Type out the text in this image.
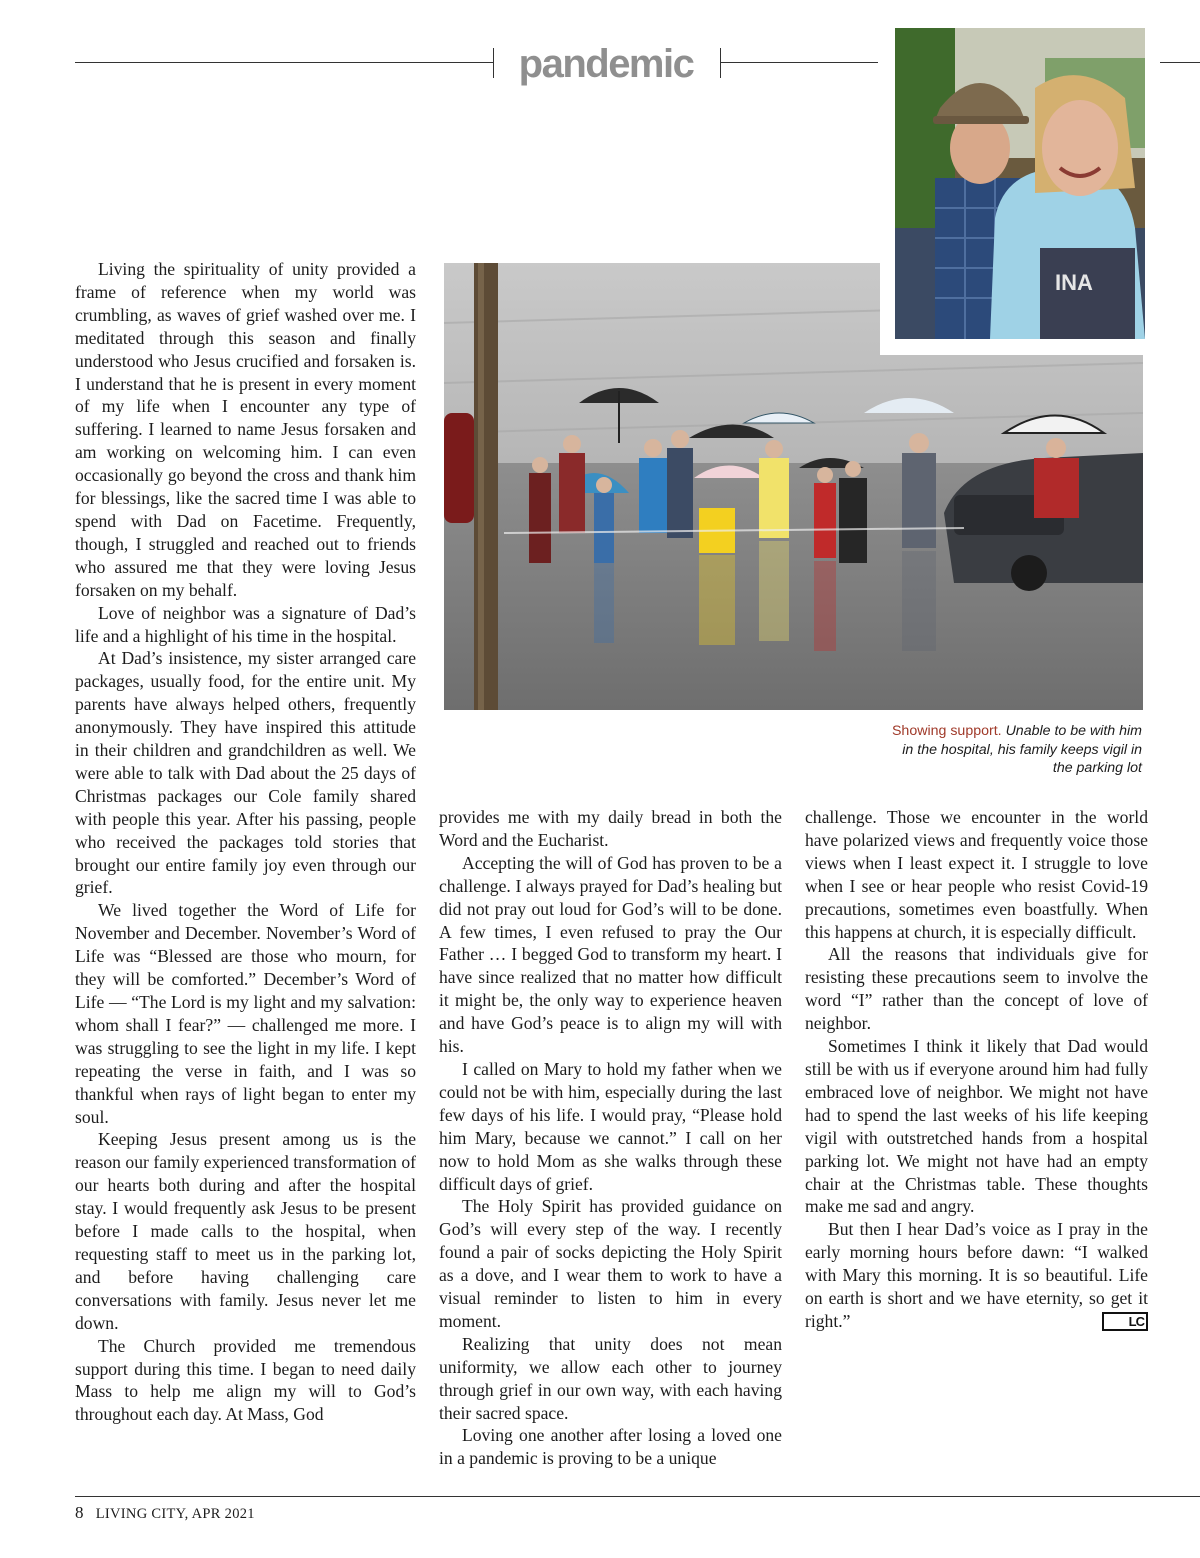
pandemic
INA
Showing support. Unable to be with him in the hospital, his family keeps vigil in the parking lot

Living the spirituality of unity provided a frame of reference when my world was crumbling, as waves of grief washed over me. I meditated through this season and finally understood who Jesus crucified and forsaken is. I understand that he is present in every moment of my life when I encounter any type of suffering. I learned to name Jesus forsaken and am working on welcoming him. I can even occasionally go beyond the cross and thank him for blessings, like the sacred time I was able to spend with Dad on Facetime. Frequently, though, I struggled and reached out to friends who assured me that they were loving Jesus forsaken on my behalf.

Love of neighbor was a signature of Dad’s life and a highlight of his time in the hospital.

At Dad’s insistence, my sister arranged care packages, usually food, for the entire unit. My parents have always helped others, frequently anonymously. They have inspired this attitude in their children and grandchildren as well. We were able to talk with Dad about the 25 days of Christmas packages our Cole family shared with people this year. After his passing, people who received the packages told stories that brought our entire family joy even through our grief.

We lived together the Word of Life for November and December. November’s Word of Life was “Blessed are those who mourn, for they will be comforted.” December’s Word of Life — “The Lord is my light and my salvation: whom shall I fear?” — challenged me more. I was struggling to see the light in my life. I kept repeating the verse in faith, and I was so thankful when rays of light began to enter my soul.

Keeping Jesus present among us is the reason our family experienced transformation of our hearts both during and after the hospital stay. I would frequently ask Jesus to be present before I made calls to the hospital, when requesting staff to meet us in the parking lot, and before having challenging care conversations with family. Jesus never let me down.

The Church provided me tremendous support during this time. I began to need daily Mass to help me align my will to God’s throughout each day. At Mass, God

provides me with my daily bread in both the Word and the Eucharist.

Accepting the will of God has proven to be a challenge. I always prayed for Dad’s healing but did not pray out loud for God’s will to be done. A few times, I even refused to pray the Our Father … I begged God to transform my heart. I have since realized that no matter how difficult it might be, the only way to experience heaven and have God’s peace is to align my will with his.

I called on Mary to hold my father when we could not be with him, especially during the last few days of his life. I would pray, “Please hold him Mary, because we cannot.” I call on her now to hold Mom as she walks through these difficult days of grief.

The Holy Spirit has provided guidance on God’s will every step of the way. I recently found a pair of socks depicting the Holy Spirit as a dove, and I wear them to work to have a visual reminder to listen to him in every moment.

Realizing that unity does not mean uniformity, we allow each other to journey through grief in our own way, with each having their sacred space.

Loving one another after losing a loved one in a pandemic is proving to be a unique

challenge. Those we encounter in the world have polarized views and frequently voice those views when I least expect it. I struggle to love when I see or hear people who resist Covid-19 precautions, sometimes even boastfully. When this happens at church, it is especially difficult.

All the reasons that individuals give for resisting these precautions seem to involve the word “I” rather than the concept of love of neighbor.

Sometimes I think it likely that Dad would still be with us if everyone around him had fully embraced love of neighbor. We might not have had to spend the last weeks of his life keeping vigil with outstretched hands from a hospital parking lot. We might not have had an empty chair at the Christmas table. These thoughts make me sad and angry.

But then I hear Dad’s voice as I pray in the early morning hours before dawn: “I walked with Mary this morning. It is so beautiful. Life on earth is short and we have eternity, so get it right.”	LC

8 LIVING CITY, APR 2021
